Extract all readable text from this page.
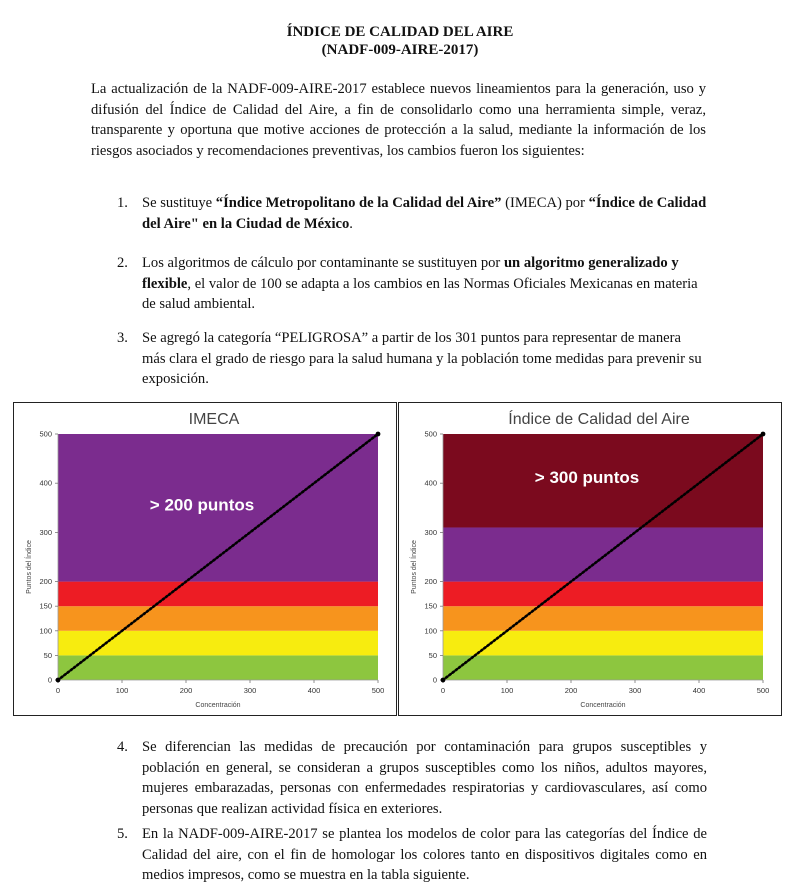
ÍNDICE DE CALIDAD DEL AIRE
(NADF-009-AIRE-2017)
La actualización de la NADF-009-AIRE-2017 establece nuevos lineamientos para la generación, uso y difusión del Índice de Calidad del Aire, a fin de consolidarlo como una herramienta simple, veraz, transparente y oportuna que motive acciones de protección a la salud, mediante la información de los riesgos asociados y recomendaciones preventivas, los cambios fueron los siguientes:
1. Se sustituye “Índice Metropolitano de la Calidad del Aire” (IMECA) por “Índice de Calidad del Aire" en la Ciudad de México.
2. Los algoritmos de cálculo por contaminante se sustituyen por un algoritmo generalizado y flexible, el valor de 100 se adapta a los cambios en las Normas Oficiales Mexicanas en materia de salud ambiental.
3. Se agregó la categoría “PELIGROSA” a partir de los 301 puntos para representar de manera más clara el grado de riesgo para la salud humana y la población tome medidas para prevenir su exposición.
IMECA
0
50
100
150
200
300
400
500
0	100	200	300	400	500
Concentración
Puntos del Índice
> 200 puntos
Índice de Calidad del Aire
0
50
100
150
200
300
400
500
0	100	200	300	400	500
Concentración
Puntos del Índice
> 300 puntos
4. Se diferencian las medidas de precaución por contaminación para grupos susceptibles y población en general, se consideran a grupos susceptibles como los niños, adultos mayores, mujeres embarazadas, personas con enfermedades respiratorias y cardiovasculares, así como personas que realizan actividad física en exteriores.
5. En la NADF-009-AIRE-2017 se plantea los modelos de color para las categorías del Índice de Calidad del aire, con el fin de homologar los colores tanto en dispositivos digitales como en medios impresos, como se muestra en la tabla siguiente.
